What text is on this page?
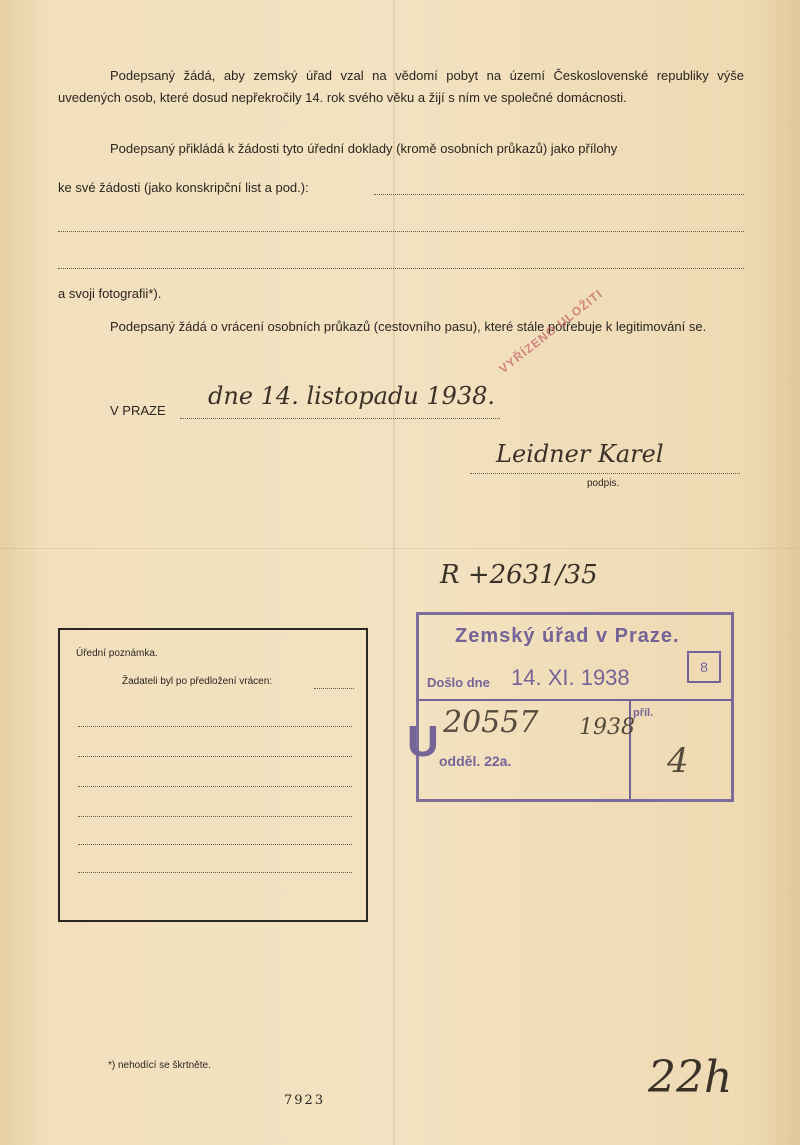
Podepsaný žádá, aby zemský úřad vzal na vědomí pobyt na území Československé republiky výše uvedených osob, které dosud nepřekročily 14. rok svého věku a žijí s ním ve společné domácnosti.
Podepsaný přikládá k žádosti tyto úřední doklady (kromě osobních průkazů) jako přílohy
ke své žádosti (jako konskripční list a pod.):
a svoji fotografii*).
Podepsaný žádá o vrácení osobních průkazů (cestovního pasu), které stále potřebuje k legitimování se.
V PRAZE
dne 14. listopadu 1938.
VYŘÍZENO ULOŽITI
Leidner Karel
podpis.
R +2631/35
Úřední poznámka.
Žadateli byl po předložení vrácen:
Zemský úřad v Praze.
Došlo dne 14. XI. 1938	8
20557 1938
příl.
U odděl. 22a.	4
*) nehodící se škrtněte.
7923	22h
